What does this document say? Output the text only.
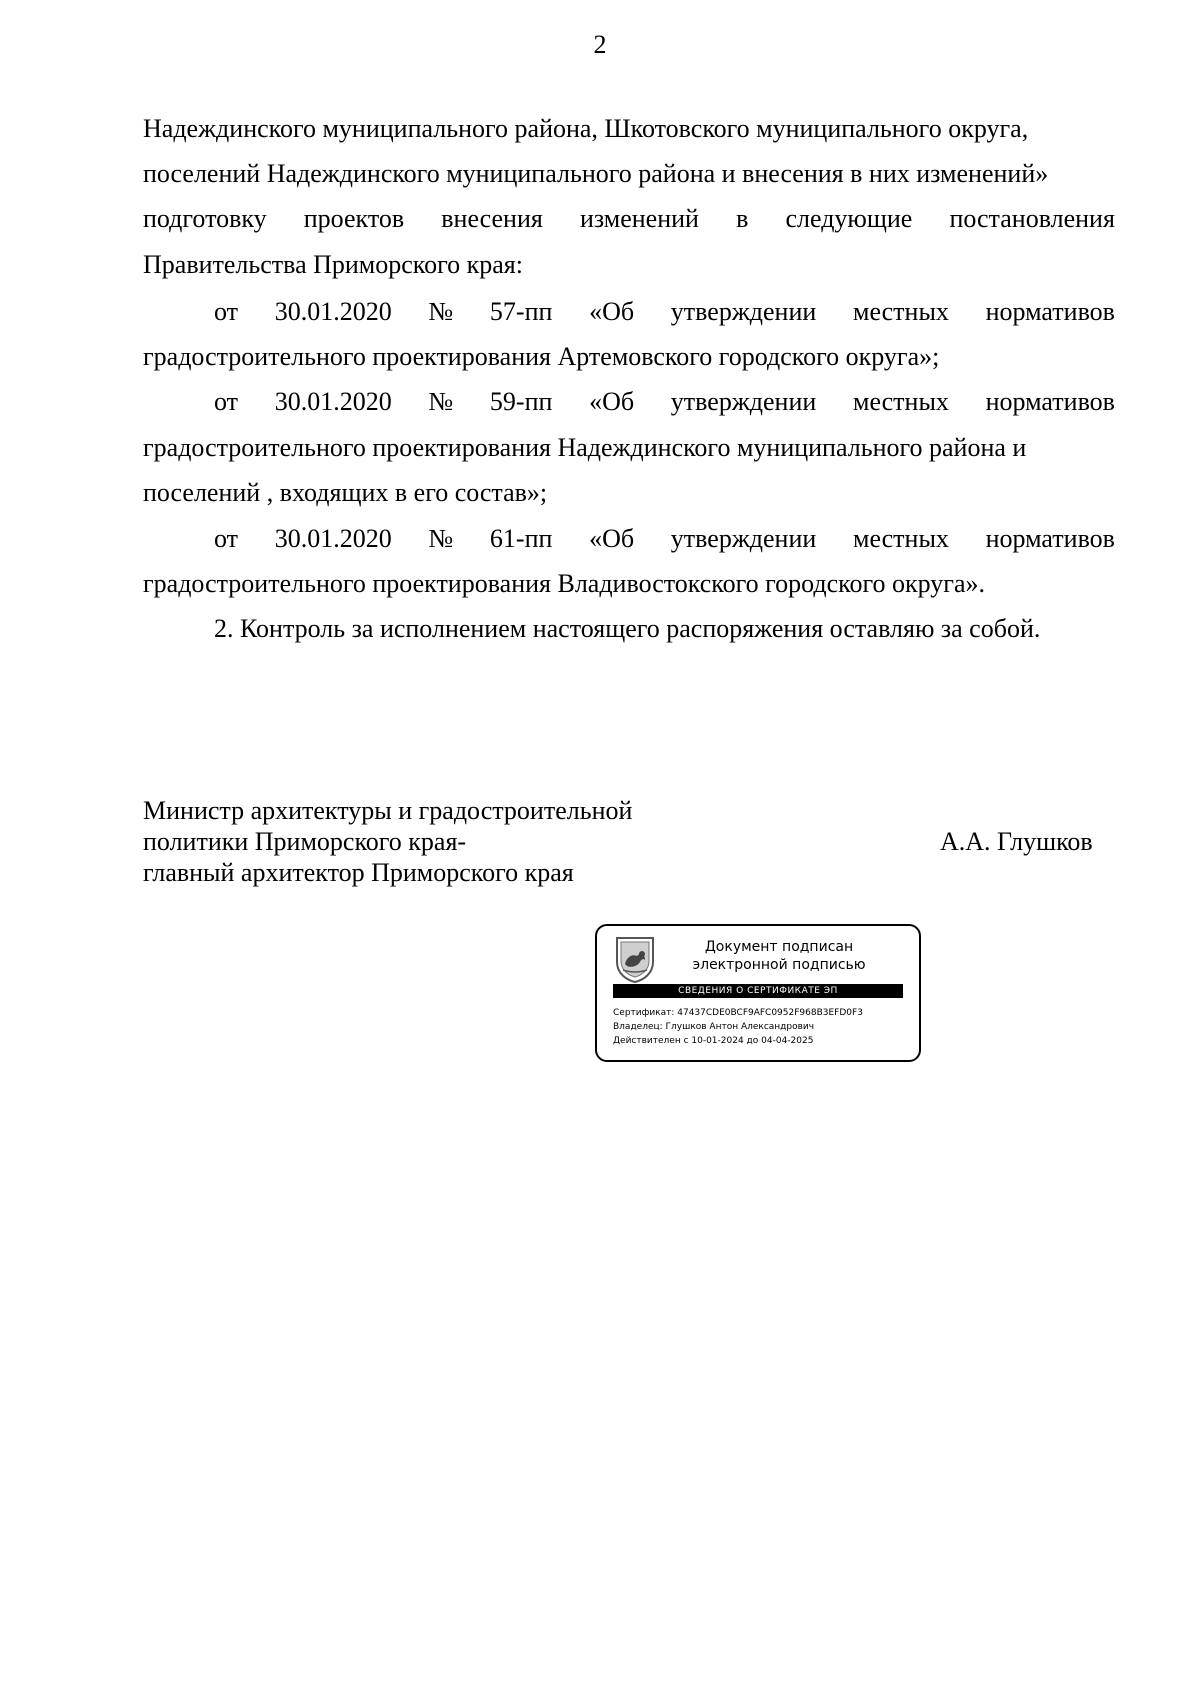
2
Надеждинского муниципального района, Шкотовского муниципального округа,
поселений Надеждинского муниципального района и внесения в них изменений»
подготовку проектов внесения изменений в следующие постановления
Правительства Приморского края:
от 30.01.2020 № 57-пп «Об утверждении местных нормативов
градостроительного проектирования Артемовского городского округа»;
от 30.01.2020 № 59-пп «Об утверждении местных нормативов
градостроительного проектирования Надеждинского муниципального района и
поселений , входящих в его состав»;
от 30.01.2020 № 61-пп «Об утверждении местных нормативов
градостроительного проектирования Владивостокского городского округа».
2. Контроль за исполнением настоящего распоряжения оставляю за собой.
Министр архитектуры и градостроительной
политики Приморского края-
главный архитектор Приморского края
А.А. Глушков
Документ подписан
электронной подписью
СВЕДЕНИЯ О СЕРТИФИКАТЕ ЭП
Сертификат: 47437CDE0BCF9AFC0952F968B3EFD0F3
Владелец: Глушков Антон Александрович
Действителен с 10-01-2024 до 04-04-2025
